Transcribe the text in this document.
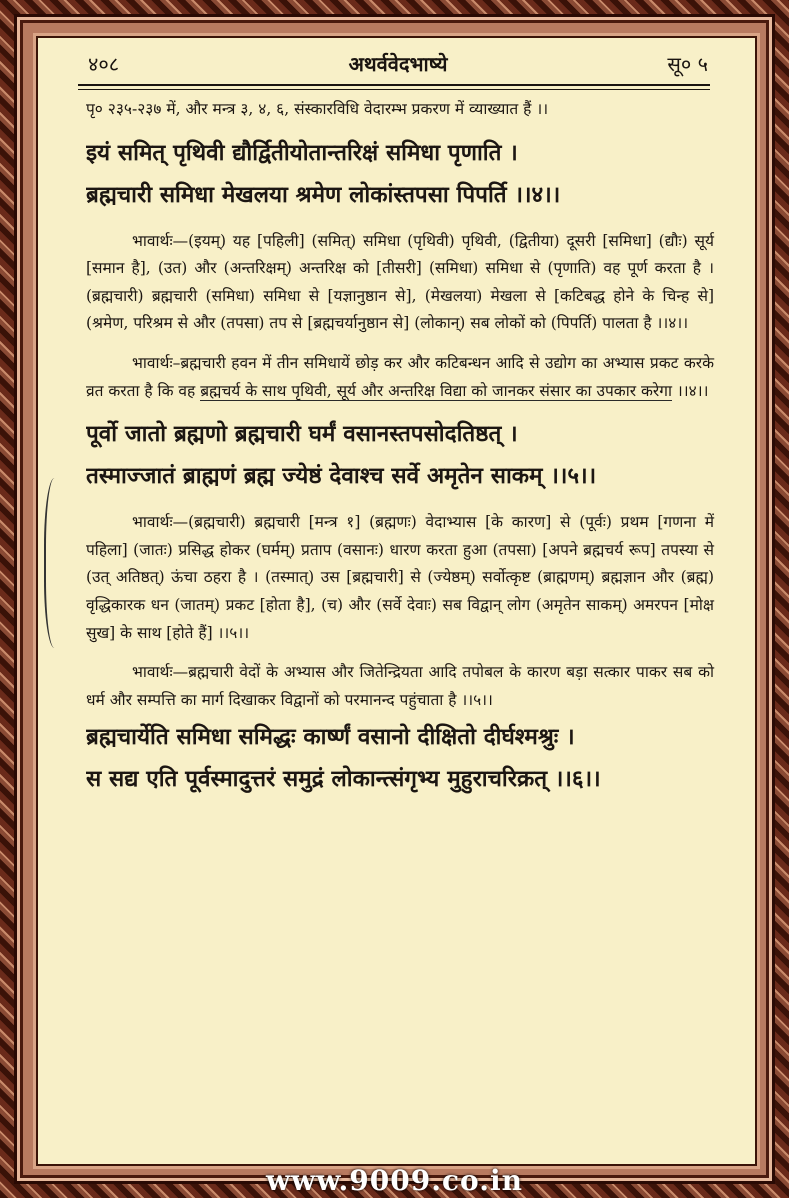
४०८	अथर्ववेदभाष्ये	सू० ५

पृ० २३५-२३७ में, और मन्त्र ३, ४, ६, संस्कारविधि वेदारम्भ प्रकरण में व्याख्यात हैं ।।

इयं समित् पृथिवी द्यौर्द्वितीयोतान्तरिक्षं समिधा पृणाति ।
ब्रह्मचारी समिधा मेखलया श्रमेण लोकांस्तपसा पिपर्ति ।।४।।

भावार्थः—(इयम्) यह [पहिली] (समित्) समिधा (पृथिवी) पृथिवी, (द्वितीया) दूसरी [समिधा] (द्यौः) सूर्य [समान है], (उत) और (अन्तरिक्षम्) अन्तरिक्ष को [तीसरी] (समिधा) समिधा से (पृणाति) वह पूर्ण करता है । (ब्रह्मचारी) ब्रह्मचारी (समिधा) समिधा से [यज्ञानुष्ठान से], (मेखलया) मेखला से [कटिबद्ध होने के चिन्ह से] (श्रमेण, परिश्रम से और (तपसा) तप से [ब्रह्मचर्यानुष्ठान से] (लोकान्) सब लोकों को (पिपर्ति) पालता है ।।४।।

भावार्थः–ब्रह्मचारी हवन में तीन समिधायें छोड़ कर और कटिबन्धन आदि से उद्योग का अभ्यास प्रकट करके व्रत करता है कि वह ब्रह्मचर्य के साथ पृथिवी, सूर्य और अन्तरिक्ष विद्या को जानकर संसार का उपकार करेगा ।।४।।

पूर्वो जातो ब्रह्मणो ब्रह्मचारी घर्मं वसानस्तपसोदतिष्ठत् ।
तस्माज्जातं ब्राह्मणं ब्रह्म ज्येष्ठं देवाश्च सर्वे अमृतेन साकम् ।।५।।

भावार्थः—(ब्रह्मचारी) ब्रह्मचारी [मन्त्र १] (ब्रह्मणः) वेदाभ्यास [के कारण] से (पूर्वः) प्रथम [गणना में पहिला] (जातः) प्रसिद्ध होकर (घर्मम्) प्रताप (वसानः) धारण करता हुआ (तपसा) [अपने ब्रह्मचर्य रूप] तपस्या से (उत् अतिष्ठत्) ऊंचा ठहरा है । (तस्मात्) उस [ब्रह्मचारी] से (ज्येष्ठम्) सर्वोत्कृष्ट (ब्राह्मणम्) ब्रह्मज्ञान और (ब्रह्म) वृद्धिकारक धन (जातम्) प्रकट [होता है], (च) और (सर्वे देवाः) सब विद्वान् लोग (अमृतेन साकम्) अमरपन [मोक्ष सुख] के साथ [होते हैं] ।।५।।

भावार्थः—ब्रह्मचारी वेदों के अभ्यास और जितेन्द्रियता आदि तपोबल के कारण बड़ा सत्कार पाकर सब को धर्म और सम्पत्ति का मार्ग दिखाकर विद्वानों को परमानन्द पहुंचाता है ।।५।।

ब्रह्मचार्येति समिधा समिद्धः कार्ष्णं वसानो दीक्षितो दीर्घश्मश्रुः ।
स सद्य एति पूर्वस्मादुत्तरं समुद्रं लोकान्त्संगृभ्य मुहुराचरिक्रत् ।।६।।
www.9009.co.in
